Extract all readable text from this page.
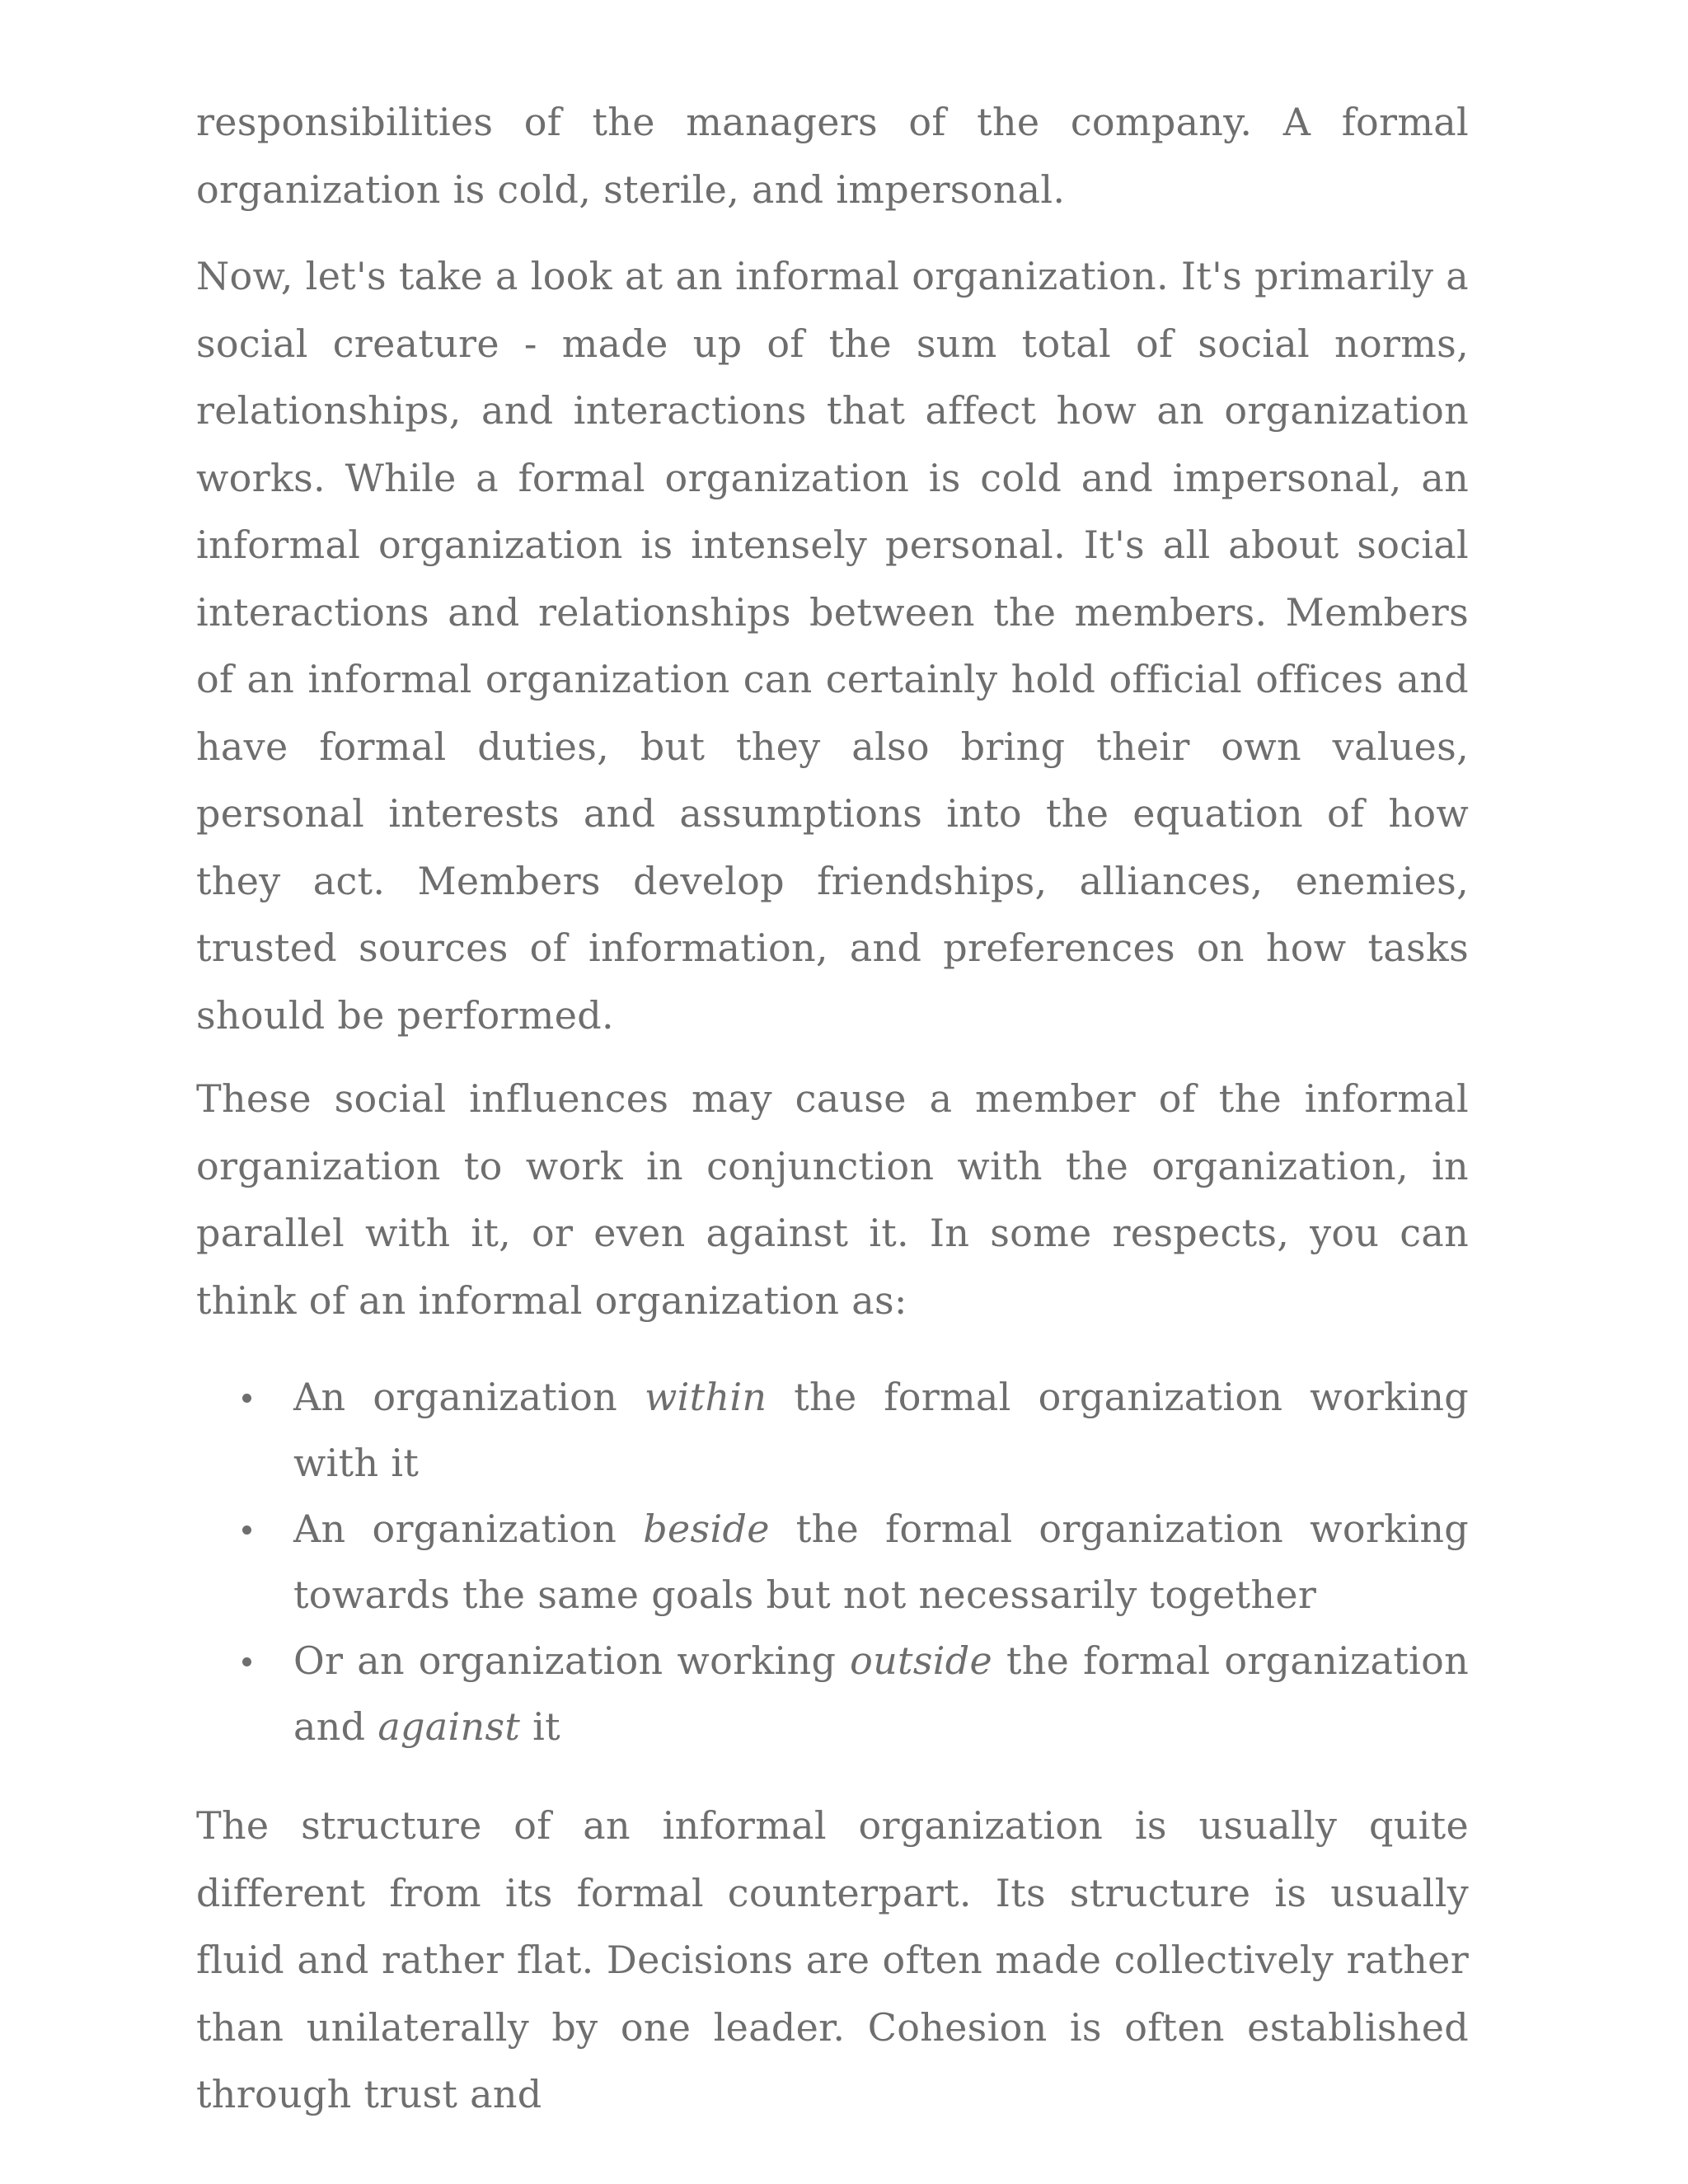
responsibilities of the managers of the company. A formal organization is cold, sterile, and impersonal.

Now, let's take a look at an informal organization. It's primarily a social creature - made up of the sum total of social norms, relationships, and interactions that affect how an organization works. While a formal organization is cold and impersonal, an informal organization is intensely personal. It's all about social interactions and relationships between the members. Members of an informal organization can certainly hold official offices and have formal duties, but they also bring their own values, personal interests and assumptions into the equation of how they act. Members develop friendships, alliances, enemies, trusted sources of information, and preferences on how tasks should be performed.

These social influences may cause a member of the informal organization to work in conjunction with the organization, in parallel with it, or even against it. In some respects, you can think of an informal organization as:

An organization within the formal organization working with it
An organization beside the formal organization working towards the same goals but not necessarily together
Or an organization working outside the formal organization and against it

The structure of an informal organization is usually quite different from its formal counterpart. Its structure is usually fluid and rather flat. Decisions are often made collectively rather than unilaterally by one leader. Cohesion is often established through trust and
